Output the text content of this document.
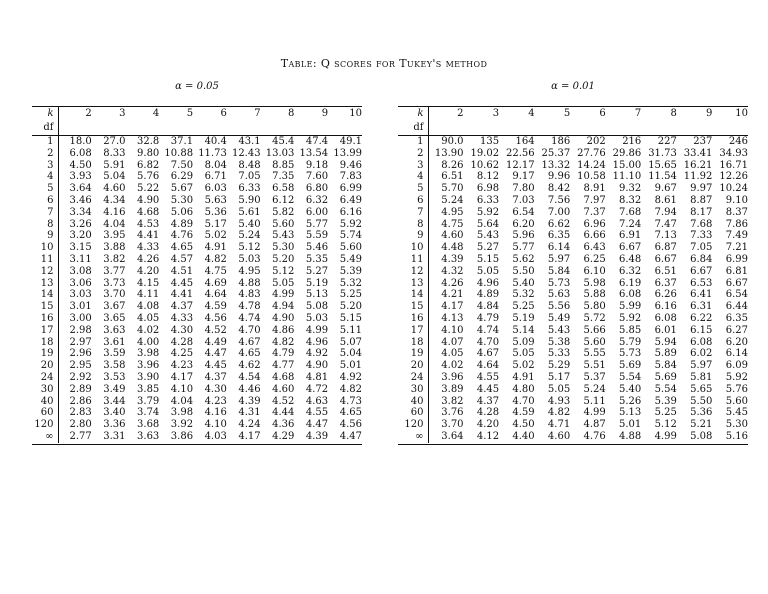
Table: Q scores for Tukey's method
α = 0.05
k	2	3	4	5	6	7	8	9	10
df									
1	18.0	27.0	32.8	37.1	40.4	43.1	45.4	47.4	49.1
2	6.08	8.33	9.80	10.88	11.73	12.43	13.03	13.54	13.99
3	4.50	5.91	6.82	7.50	8.04	8.48	8.85	9.18	9.46
4	3.93	5.04	5.76	6.29	6.71	7.05	7.35	7.60	7.83
5	3.64	4.60	5.22	5.67	6.03	6.33	6.58	6.80	6.99
6	3.46	4.34	4.90	5.30	5.63	5.90	6.12	6.32	6.49
7	3.34	4.16	4.68	5.06	5.36	5.61	5.82	6.00	6.16
8	3.26	4.04	4.53	4.89	5.17	5.40	5.60	5.77	5.92
9	3.20	3.95	4.41	4.76	5.02	5.24	5.43	5.59	5.74
10	3.15	3.88	4.33	4.65	4.91	5.12	5.30	5.46	5.60
11	3.11	3.82	4.26	4.57	4.82	5.03	5.20	5.35	5.49
12	3.08	3.77	4.20	4.51	4.75	4.95	5.12	5.27	5.39
13	3.06	3.73	4.15	4.45	4.69	4.88	5.05	5.19	5.32
14	3.03	3.70	4.11	4.41	4.64	4.83	4.99	5.13	5.25
15	3.01	3.67	4.08	4.37	4.59	4.78	4.94	5.08	5.20
16	3.00	3.65	4.05	4.33	4.56	4.74	4.90	5.03	5.15
17	2.98	3.63	4.02	4.30	4.52	4.70	4.86	4.99	5.11
18	2.97	3.61	4.00	4.28	4.49	4.67	4.82	4.96	5.07
19	2.96	3.59	3.98	4.25	4.47	4.65	4.79	4.92	5.04
20	2.95	3.58	3.96	4.23	4.45	4.62	4.77	4.90	5.01
24	2.92	3.53	3.90	4.17	4.37	4.54	4.68	4.81	4.92
30	2.89	3.49	3.85	4.10	4.30	4.46	4.60	4.72	4.82
40	2.86	3.44	3.79	4.04	4.23	4.39	4.52	4.63	4.73
60	2.83	3.40	3.74	3.98	4.16	4.31	4.44	4.55	4.65
120	2.80	3.36	3.68	3.92	4.10	4.24	4.36	4.47	4.56
∞	2.77	3.31	3.63	3.86	4.03	4.17	4.29	4.39	4.47
α = 0.01
k	2	3	4	5	6	7	8	9	10
df									
1	90.0	135	164	186	202	216	227	237	246
2	13.90	19.02	22.56	25.37	27.76	29.86	31.73	33.41	34.93
3	8.26	10.62	12.17	13.32	14.24	15.00	15.65	16.21	16.71
4	6.51	8.12	9.17	9.96	10.58	11.10	11.54	11.92	12.26
5	5.70	6.98	7.80	8.42	8.91	9.32	9.67	9.97	10.24
6	5.24	6.33	7.03	7.56	7.97	8.32	8.61	8.87	9.10
7	4.95	5.92	6.54	7.00	7.37	7.68	7.94	8.17	8.37
8	4.75	5.64	6.20	6.62	6.96	7.24	7.47	7.68	7.86
9	4.60	5.43	5.96	6.35	6.66	6.91	7.13	7.33	7.49
10	4.48	5.27	5.77	6.14	6.43	6.67	6.87	7.05	7.21
11	4.39	5.15	5.62	5.97	6.25	6.48	6.67	6.84	6.99
12	4.32	5.05	5.50	5.84	6.10	6.32	6.51	6.67	6.81
13	4.26	4.96	5.40	5.73	5.98	6.19	6.37	6.53	6.67
14	4.21	4.89	5.32	5.63	5.88	6.08	6.26	6.41	6.54
15	4.17	4.84	5.25	5.56	5.80	5.99	6.16	6.31	6.44
16	4.13	4.79	5.19	5.49	5.72	5.92	6.08	6.22	6.35
17	4.10	4.74	5.14	5.43	5.66	5.85	6.01	6.15	6.27
18	4.07	4.70	5.09	5.38	5.60	5.79	5.94	6.08	6.20
19	4.05	4.67	5.05	5.33	5.55	5.73	5.89	6.02	6.14
20	4.02	4.64	5.02	5.29	5.51	5.69	5.84	5.97	6.09
24	3.96	4.55	4.91	5.17	5.37	5.54	5.69	5.81	5.92
30	3.89	4.45	4.80	5.05	5.24	5.40	5.54	5.65	5.76
40	3.82	4.37	4.70	4.93	5.11	5.26	5.39	5.50	5.60
60	3.76	4.28	4.59	4.82	4.99	5.13	5.25	5.36	5.45
120	3.70	4.20	4.50	4.71	4.87	5.01	5.12	5.21	5.30
∞	3.64	4.12	4.40	4.60	4.76	4.88	4.99	5.08	5.16
